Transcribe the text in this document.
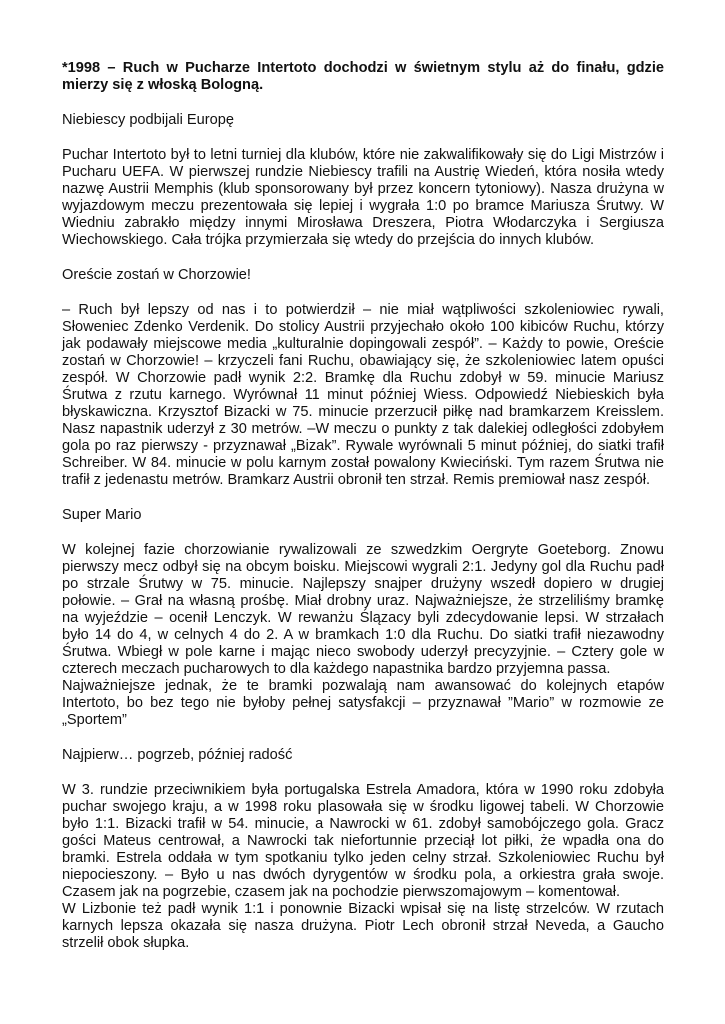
*1998 – Ruch w Pucharze Intertoto dochodzi w świetnym stylu aż do finału, gdzie mierzy się z włoską Bologną.

Niebiescy podbijali Europę

Puchar Intertoto był to letni turniej dla klubów, które nie zakwalifikowały się do Ligi Mistrzów i Pucharu UEFA. W pierwszej rundzie Niebiescy trafili na Austrię Wiedeń, która nosiła wtedy nazwę Austrii Memphis (klub sponsorowany był przez koncern tytoniowy). Nasza drużyna w wyjazdowym meczu prezentowała się lepiej i wygrała 1:0 po bramce Mariusza Śrutwy. W Wiedniu zabrakło między innymi Mirosława Dreszera, Piotra Włodarczyka i Sergiusza Wiechowskiego. Cała trójka przymierzała się wtedy do przejścia do innych klubów.

Oreście zostań w Chorzowie!

– Ruch był lepszy od nas i to potwierdził – nie miał wątpliwości szkoleniowiec rywali, Słoweniec Zdenko Verdenik. Do stolicy Austrii przyjechało około 100 kibiców Ruchu, którzy jak podawały miejscowe media „kulturalnie dopingowali zespół”. – Każdy to powie, Oreście zostań w Chorzowie! – krzyczeli fani Ruchu, obawiający się, że szkoleniowiec latem opuści zespół. W Chorzowie padł wynik 2:2. Bramkę dla Ruchu zdobył w 59. minucie Mariusz Śrutwa z rzutu karnego. Wyrównał 11 minut później Wiess. Odpowiedź Niebieskich była błyskawiczna. Krzysztof Bizacki w 75. minucie przerzucił piłkę nad bramkarzem Kreisslem. Nasz napastnik uderzył z 30 metrów. –W meczu o punkty z tak dalekiej odległości zdobyłem gola po raz pierwszy - przyznawał „Bizak”. Rywale wyrównali 5 minut później, do siatki trafił Schreiber. W 84. minucie w polu karnym został powalony Kwieciński. Tym razem Śrutwa nie trafił z jedenastu metrów. Bramkarz Austrii obronił ten strzał. Remis premiował nasz zespół.

Super Mario

W kolejnej fazie chorzowianie rywalizowali ze szwedzkim Oergryte Goeteborg. Znowu pierwszy mecz odbył się na obcym boisku. Miejscowi wygrali 2:1. Jedyny gol dla Ruchu padł po strzale Śrutwy w 75. minucie. Najlepszy snajper drużyny wszedł dopiero w drugiej połowie. – Grał na własną prośbę. Miał drobny uraz. Najważniejsze, że strzeliliśmy bramkę na wyjeździe – ocenił Lenczyk. W rewanżu Ślązacy byli zdecydowanie lepsi. W strzałach było 14 do 4, w celnych 4 do 2. A w bramkach 1:0 dla Ruchu. Do siatki trafił niezawodny Śrutwa. Wbiegł w pole karne i mając nieco swobody uderzył precyzyjnie. – Cztery gole w czterech meczach pucharowych to dla każdego napastnika bardzo przyjemna passa.

Najważniejsze jednak, że te bramki pozwalają nam awansować do kolejnych etapów Intertoto, bo bez tego nie byłoby pełnej satysfakcji – przyznawał ”Mario” w rozmowie ze „Sportem”

Najpierw… pogrzeb, później radość

W 3. rundzie przeciwnikiem była portugalska Estrela Amadora, która w 1990 roku zdobyła puchar swojego kraju, a w 1998 roku plasowała się w środku ligowej tabeli. W Chorzowie było 1:1. Bizacki trafił w 54. minucie, a Nawrocki w 61. zdobył samobójczego gola. Gracz gości Mateus centrował, a Nawrocki tak niefortunnie przeciął lot piłki, że wpadła ona do bramki. Estrela oddała w tym spotkaniu tylko jeden celny strzał. Szkoleniowiec Ruchu był niepocieszony. – Było u nas dwóch dyrygentów w środku pola, a orkiestra grała swoje. Czasem jak na pogrzebie, czasem jak na pochodzie pierwszomajowym – komentował.

W Lizbonie też padł wynik 1:1 i ponownie Bizacki wpisał się na listę strzelców. W rzutach karnych lepsza okazała się nasza drużyna. Piotr Lech obronił strzał Neveda, a Gaucho strzelił obok słupka.
